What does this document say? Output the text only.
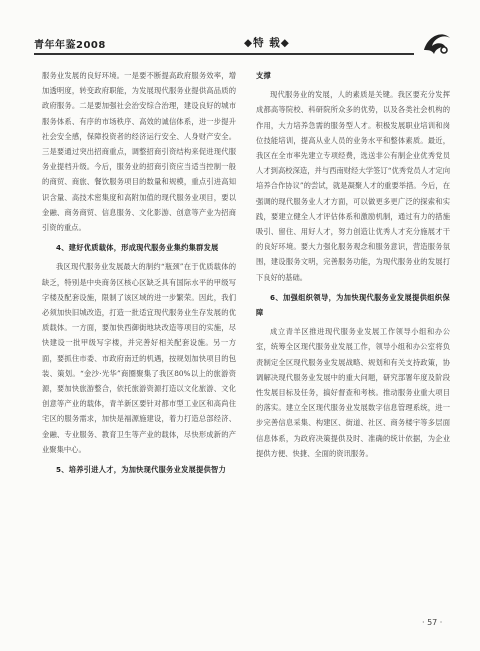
青年年鉴2008	◆特 载◆

服务业发展的良好环境。一是要不断提高政府服务效率，增加透明度，转变政府职能，为发展现代服务业提供高品质的政府服务。二是要加强社会治安综合治理，建设良好的城市服务体系、有序的市场秩序、高效的诚信体系，进一步提升社会安全感，保障投资者的经济运行安全、人身财产安全。三是要通过突出招商重点，调整招商引资结构来促进现代服务业提档升级。今后，服务业的招商引资应当适当控制一般的商贸、商旅、餐饮服务项目的数量和规模，重点引进高知识含量、高技术密集度和高附加值的现代服务业项目，要以金融、商务商贸、信息服务、文化影游、创意等产业为招商引资的重点。

4、建好优质载体，形成现代服务业集约集群发展

我区现代服务业发展最大的制约“瓶颈”在于优质载体的缺乏，特别是中央商务区核心区缺乏具有国际水平的甲级写字楼及配套设施，限制了该区域的进一步繁荣。因此，我们必须加快旧城改造，打造一批适宜现代服务业生存发展的优质载体。一方面，要加快西御街地块改造等项目的实施，尽快建设一批甲级写字楼，并完善好相关配套设施。另一方面，要抓住市委、市政府南迁的机遇，按规划加快项目的包装、策划。“金沙·光华”商圈聚集了我区80%以上的旅游资源，要加快旅游整合，依托旅游资源打造以文化旅游、文化创意等产业的载体，青羊新区要针对都市型工业区和高尚住宅区的服务需求，加快是福源施建设，着力打造总部经济、金融、专业服务、教育卫生等产业的载体，尽快形成新的产业聚集中心。

5、培养引进人才，为加快现代服务业发展提供智力
支撑

现代服务业的发展，人的素质是关键。我区要充分发挥成都高等院校、科研院所众多的优势，以及各类社会机构的作用，大力培养急需的服务型人才。积极发展职业培训和岗位技能培训，提高从业人员的业务水平和整体素质。最近，我区在全市率先建立专项经费，选送非公有制企业优秀党员人才到高校深造，并与西南财经大学签订“优秀党员人才定向培养合作协议”的尝试，就是凝聚人才的重要举措。今后，在强调的现代服务业人才方面，可以做更多更广泛的探索和实践，要建立健全人才评估体系和激励机制，通过有力的措施吸引、留住、用好人才，努力创造让优秀人才充分施展才干的良好环境。要大力强化服务观念和服务意识，营造服务氛围，建设服务文明，完善服务功能，为现代服务业的发展打下良好的基础。

6、加强组织领导，为加快现代服务业发展提供组织保障

成立青羊区推进现代服务业发展工作领导小组和办公室，统筹全区现代服务业发展工作，领导小组和办公室将负责制定全区现代服务业发展战略、规划和有关支持政策，协调解决现代服务业发展中的重大问题，研究部署年度及阶段性发展目标及任务，搞好督查和考核。推动服务业重大项目的落实。建立全区现代服务业发展数字信息管理系统，进一步完善信息采集、构建区、街道、社区、商务楼宇等多层面信息体系，为政府决策提供及时、准确的统计依据，为企业提供方便、快捷、全面的资讯服务。

· 57 ·
